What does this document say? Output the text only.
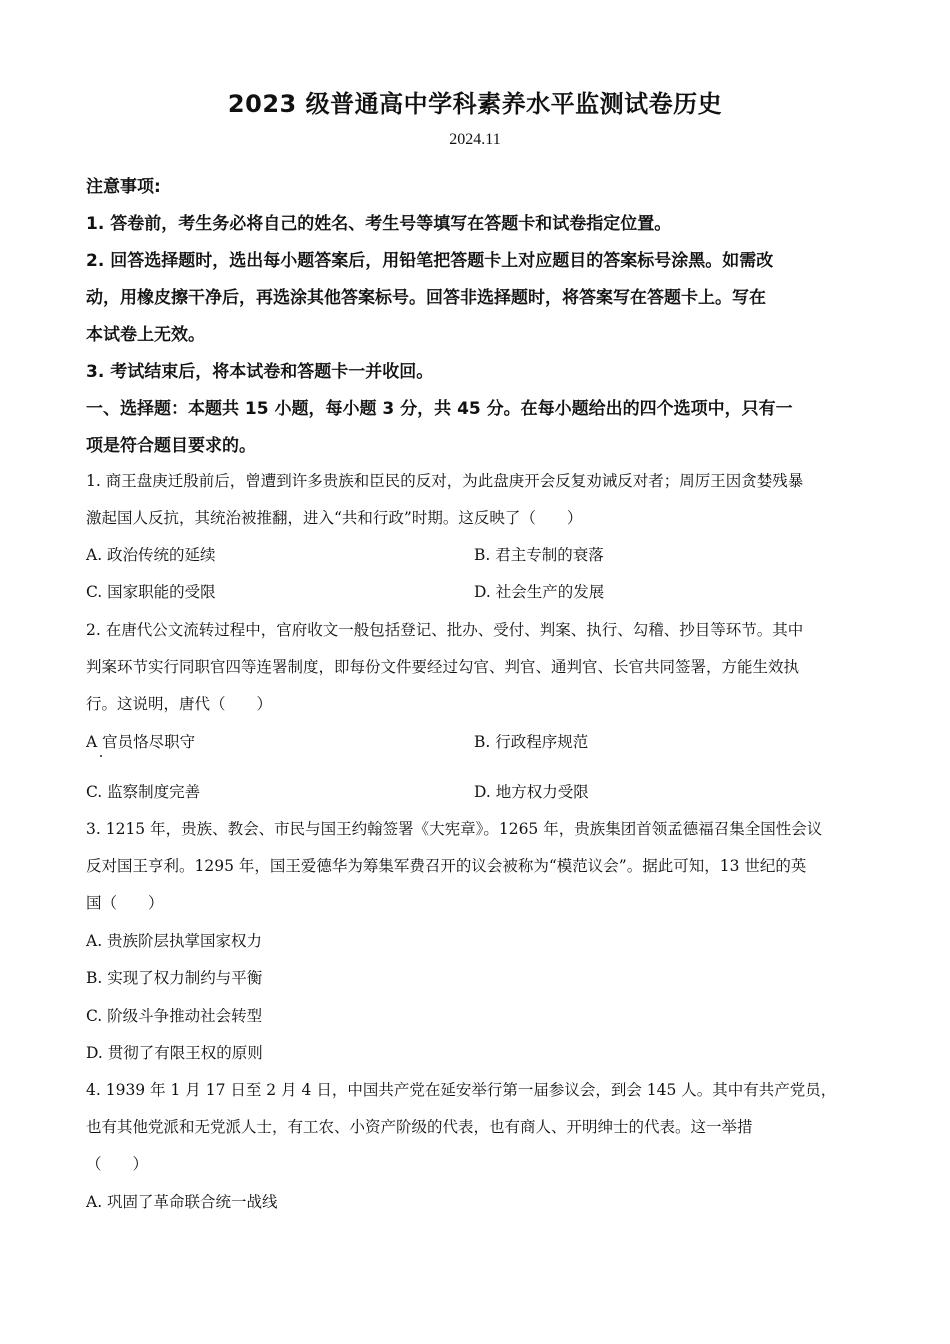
2023 级普通高中学科素养水平监测试卷历史
2024.11
注意事项:
1. 答卷前，考生务必将自己的姓名、考生号等填写在答题卡和试卷指定位置。
2. 回答选择题时，选出每小题答案后，用铅笔把答题卡上对应题目的答案标号涂黑。如需改
动，用橡皮擦干净后，再选涂其他答案标号。回答非选择题时，将答案写在答题卡上。写在
本试卷上无效。
3. 考试结束后，将本试卷和答题卡一并收回。
一、选择题：本题共 15 小题，每小题 3 分，共 45 分。在每小题给出的四个选项中，只有一
项是符合题目要求的。
1. 商王盘庚迁殷前后，曾遭到许多贵族和臣民的反对，为此盘庚开会反复劝诫反对者；周厉王因贪婪残暴
激起国人反抗，其统治被推翻，进入“共和行政”时期。这反映了（　　）
A. 政治传统的延续	B. 君主专制的衰落
C. 国家职能的受限	D. 社会生产的发展
2. 在唐代公文流转过程中，官府收文一般包括登记、批办、受付、判案、执行、勾稽、抄目等环节。其中
判案环节实行同职官四等连署制度，即每份文件要经过勾官、判官、通判官、长官共同签署，方能生效执
行。这说明，唐代（　　）
A 官员恪尽职守	B. 行政程序规范
C. 监察制度完善	D. 地方权力受限
3. 1215 年，贵族、教会、市民与国王约翰签署《大宪章》。1265 年，贵族集团首领孟德福召集全国性会议
反对国王亨利。1295 年，国王爱德华为筹集军费召开的议会被称为“模范议会”。据此可知，13 世纪的英
国（　　）
A. 贵族阶层执掌国家权力
B. 实现了权力制约与平衡
C. 阶级斗争推动社会转型
D. 贯彻了有限王权的原则
4. 1939 年 1 月 17 日至 2 月 4 日，中国共产党在延安举行第一届参议会，到会 145 人。其中有共产党员，
也有其他党派和无党派人士，有工农、小资产阶级的代表，也有商人、开明绅士的代表。这一举措
（　　）
A. 巩固了革命联合统一战线
